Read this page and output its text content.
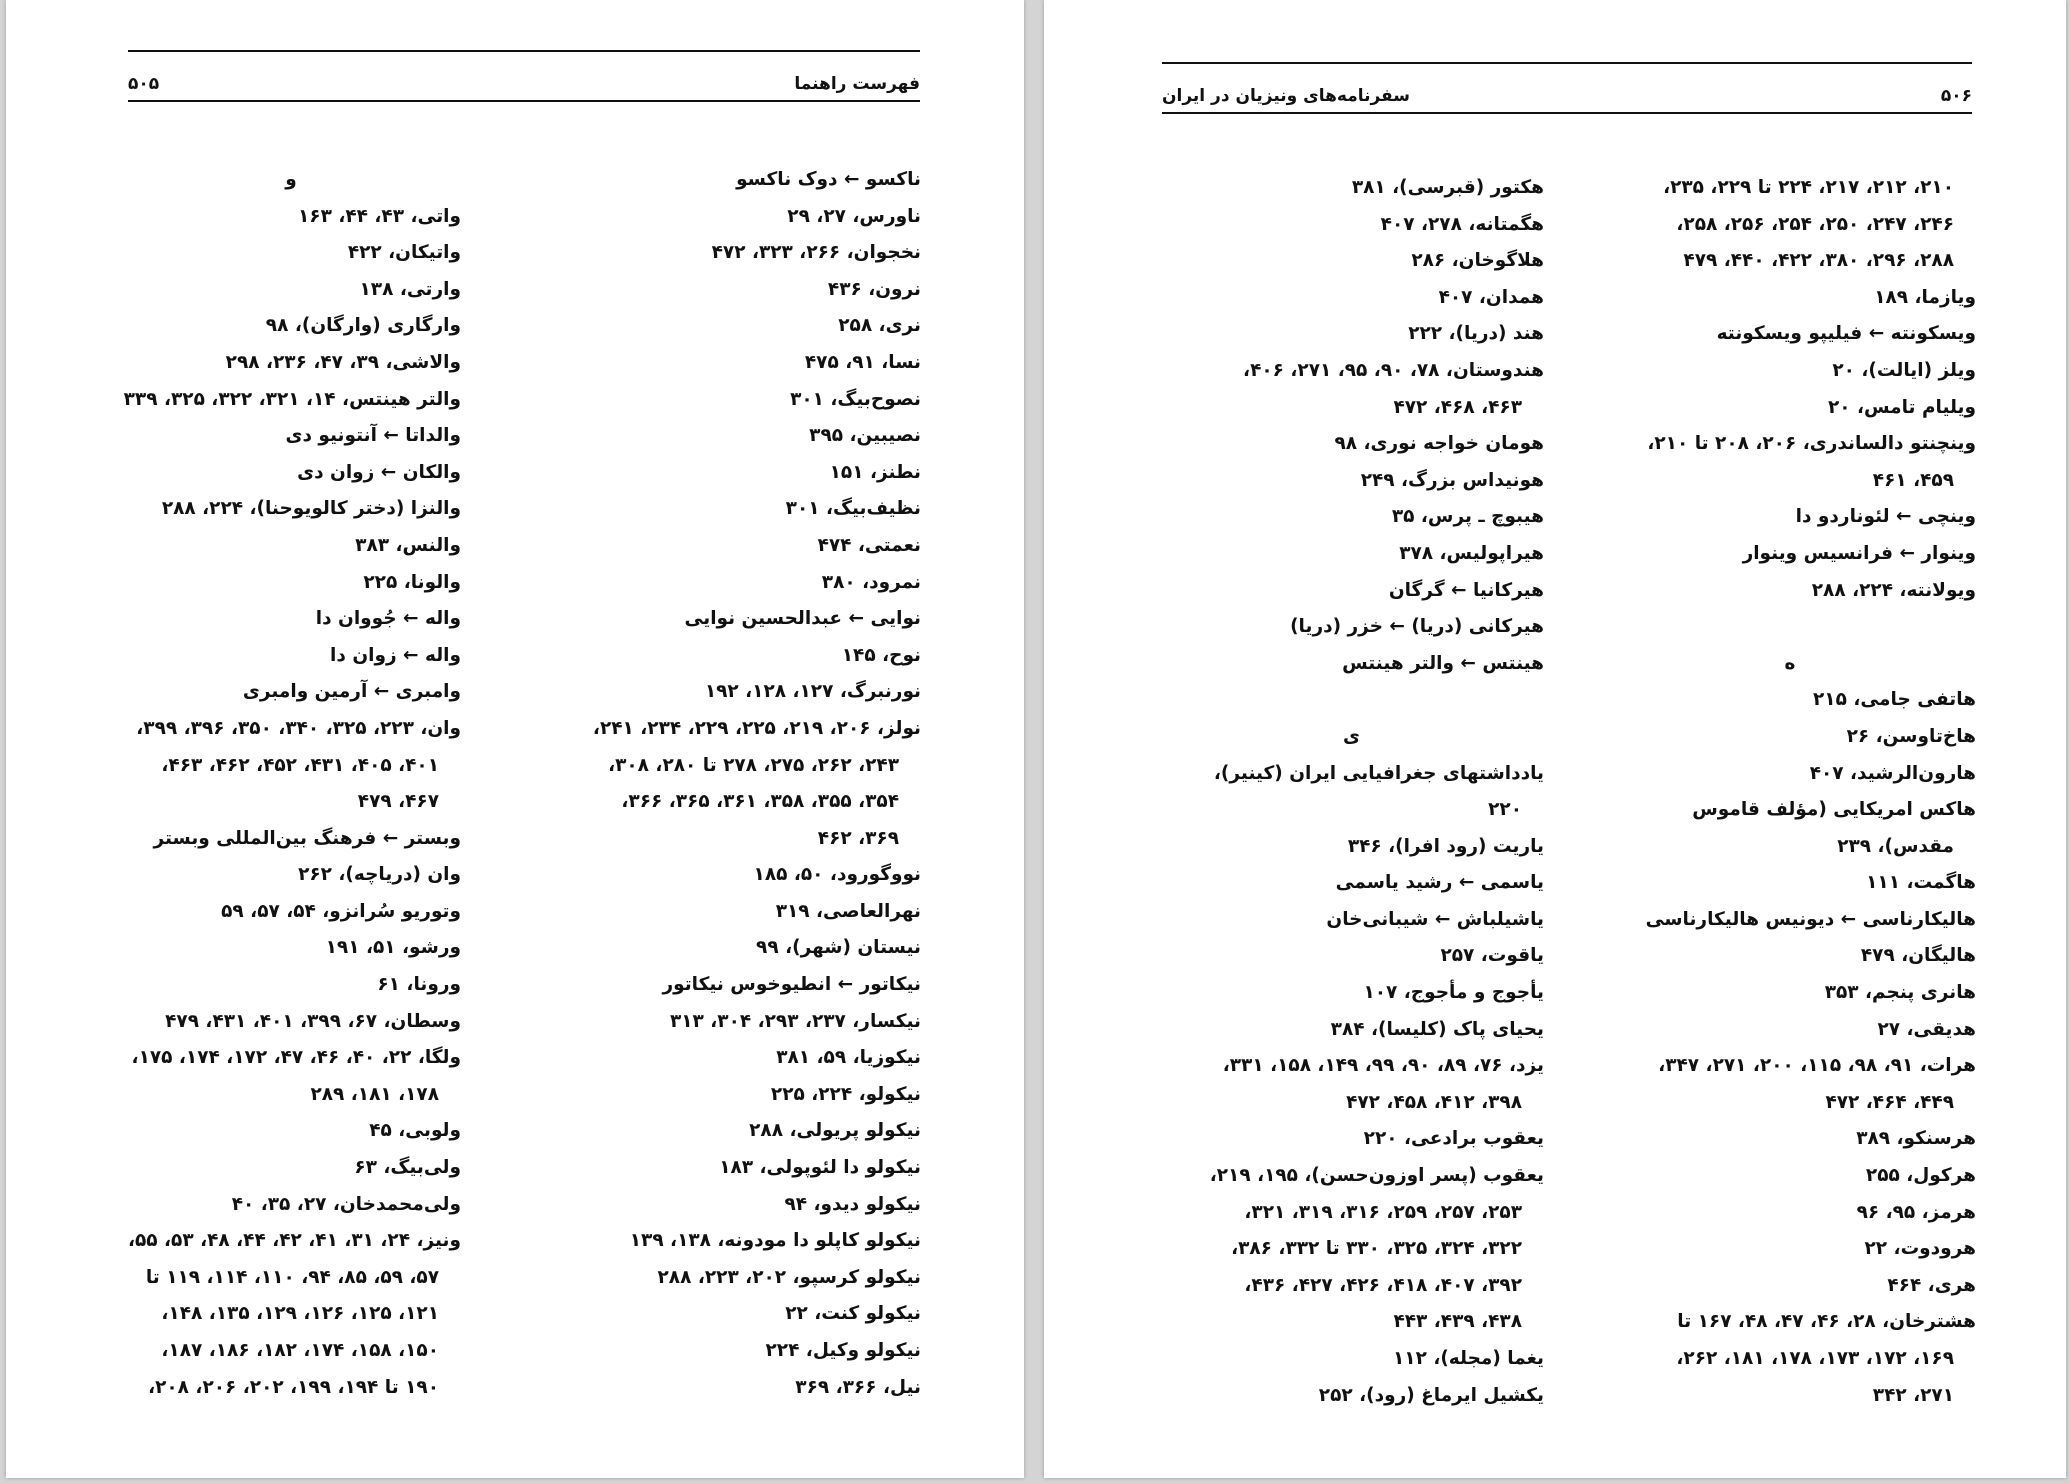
۵۰۵	فهرست راهنما
ناکسو ← دوک ناکسو
ناورس، ۲۷، ۲۹
نخجوان، ۲۶۶، ۳۲۳، ۴۷۲
نرون، ۴۳۶
نری، ۲۵۸
نسا، ۹۱، ۴۷۵
نصوح‌بیگ، ۳۰۱
نصیبین، ۳۹۵
نطنز، ۱۵۱
نظیف‌بیگ، ۳۰۱
نعمتی، ۴۷۴
نمرود، ۳۸۰
نوایی ← عبدالحسین نوایی
نوح، ۱۴۵
نورنبرگ، ۱۲۷، ۱۲۸، ۱۹۲
نولز، ۲۰۶، ۲۱۹، ۲۲۵، ۲۲۹، ۲۳۴، ۲۴۱،
۲۴۳، ۲۶۲، ۲۷۵، ۲۷۸ تا ۲۸۰، ۳۰۸،
۳۵۴، ۳۵۵، ۳۵۸، ۳۶۱، ۳۶۵، ۳۶۶،
۳۶۹، ۴۶۲
نووگورود، ۵۰، ۱۸۵
نهرالعاصی، ۳۱۹
نیستان (شهر)، ۹۹
نیکاتور ← انطیوخوس نیکاتور
نیکسار، ۲۳۷، ۲۹۳، ۳۰۴، ۳۱۳
نیکوزیا، ۵۹، ۳۸۱
نیکولو، ۲۲۴، ۲۲۵
نیکولو پریولی، ۲۸۸
نیکولو دا لئوپولی، ۱۸۳
نیکولو دیدو، ۹۴
نیکولو کاپلو دا مودونه، ۱۳۸، ۱۳۹
نیکولو کرسپو، ۲۰۲، ۲۲۳، ۲۸۸
نیکولو کنت، ۲۲
نیکولو وکیل، ۲۲۴
نیل، ۳۶۶، ۳۶۹
و
واتی، ۴۳، ۴۴، ۱۶۳
واتیکان، ۴۲۲
وارتی، ۱۳۸
وارگاری (وارگان)، ۹۸
والاشی، ۳۹، ۴۷، ۲۳۶، ۲۹۸
والتر هینتس، ۱۴، ۳۲۱، ۳۲۲، ۳۲۵، ۳۳۹
والداتا ← آنتونیو دی
والکان ← زوان دی
والنزا (دختر کالویوحنا)، ۲۲۴، ۲۸۸
والنس، ۳۸۳
والونا، ۲۲۵
واله ← جُووان دا
واله ← زوان دا
وامبری ← آرمین وامبری
وان، ۲۲۳، ۳۲۵، ۳۴۰، ۳۵۰، ۳۹۶، ۳۹۹،
۴۰۱، ۴۰۵، ۴۳۱، ۴۵۲، ۴۶۲، ۴۶۳،
۴۶۷، ۴۷۹
وبستر ← فرهنگ بین‌المللی وبستر
وان (دریاچه)، ۲۶۲
وتوریو سُرانزو، ۵۴، ۵۷، ۵۹
ورشو، ۵۱، ۱۹۱
ورونا، ۶۱
وسطان، ۶۷، ۳۹۹، ۴۰۱، ۴۳۱، ۴۷۹
ولگا، ۲۲، ۴۰، ۴۶، ۴۷، ۱۷۲، ۱۷۴، ۱۷۵،
۱۷۸، ۱۸۱، ۲۸۹
ولوبی، ۴۵
ولی‌بیگ، ۶۳
ولی‌محمدخان، ۲۷، ۳۵، ۴۰
ونیز، ۲۴، ۳۱، ۴۱، ۴۲، ۴۴، ۴۸، ۵۳، ۵۵،
۵۷، ۵۹، ۸۵، ۹۴، ۱۱۰، ۱۱۴، ۱۱۹ تا
۱۲۱، ۱۲۵، ۱۲۶، ۱۲۹، ۱۳۵، ۱۴۸،
۱۵۰، ۱۵۸، ۱۷۴، ۱۸۲، ۱۸۶، ۱۸۷،
۱۹۰ تا ۱۹۴، ۱۹۹، ۲۰۲، ۲۰۶، ۲۰۸،
سفرنامه‌های ونیزیان در ایران	۵۰۶
۲۱۰، ۲۱۲، ۲۱۷، ۲۲۴ تا ۲۲۹، ۲۳۵،
۲۴۶، ۲۴۷، ۲۵۰، ۲۵۴، ۲۵۶، ۲۵۸،
۲۸۸، ۲۹۶، ۳۸۰، ۴۲۲، ۴۴۰، ۴۷۹
ویازما، ۱۸۹
ویسکونته ← فیلیپو ویسکونته
ویلز (ایالت)، ۲۰
ویلیام تامس، ۲۰
وینچنتو دالساندری، ۲۰۶، ۲۰۸ تا ۲۱۰،
۴۵۹، ۴۶۱
وینچی ← لئوناردو دا
وینوار ← فرانسیس وینوار
ویولانته، ۲۲۴، ۲۸۸
ه
هاتفی جامی، ۲۱۵
هاخ‌تاوسن، ۲۶
هارون‌الرشید، ۴۰۷
هاکس امریکایی (مؤلف قاموس
مقدس)، ۲۳۹
هاگمت، ۱۱۱
هالیکارناسی ← دیونیس هالیکارناسی
هالیگان، ۴۷۹
هانری پنجم، ۳۵۳
هدیقی، ۲۷
هرات، ۹۱، ۹۸، ۱۱۵، ۲۰۰، ۲۷۱، ۳۴۷،
۴۴۹، ۴۶۴، ۴۷۲
هرسنکو، ۳۸۹
هرکول، ۲۵۵
هرمز، ۹۵، ۹۶
هرودوت، ۲۲
هری، ۴۶۴
هشترخان، ۲۸، ۴۶، ۴۷، ۴۸، ۱۶۷ تا
۱۶۹، ۱۷۲، ۱۷۳، ۱۷۸، ۱۸۱، ۲۶۲،
۲۷۱، ۳۴۲
هکتور (قبرسی)، ۳۸۱
هگمتانه، ۲۷۸، ۴۰۷
هلاگوخان، ۲۸۶
همدان، ۴۰۷
هند (دریا)، ۲۲۲
هندوستان، ۷۸، ۹۰، ۹۵، ۲۷۱، ۴۰۶،
۴۶۳، ۴۶۸، ۴۷۲
هومان خواجه نوری، ۹۸
هونیداس بزرگ، ۲۴۹
هیبوچ ـ پرس، ۳۵
هیراپولیس، ۳۷۸
هیرکانیا ← گرگان
هیرکانی (دریا) ← خزر (دریا)
هینتس ← والتر هینتس
ی
یادداشتهای جغرافیایی ایران (کینیر)،
۲۲۰
یاریت (رود افرا)، ۳۴۶
یاسمی ← رشید یاسمی
یاشیلباش ← شیبانی‌خان
یاقوت، ۲۵۷
یأجوج و مأجوج، ۱۰۷
یحیای پاک (کلیسا)، ۳۸۴
یزد، ۷۶، ۸۹، ۹۰، ۹۹، ۱۴۹، ۱۵۸، ۳۳۱،
۳۹۸، ۴۱۲، ۴۵۸، ۴۷۲
یعقوب برادعی، ۲۲۰
یعقوب (پسر اوزون‌حسن)، ۱۹۵، ۲۱۹،
۲۵۳، ۲۵۷، ۲۵۹، ۳۱۶، ۳۱۹، ۳۲۱،
۳۲۲، ۳۲۴، ۳۲۵، ۳۳۰ تا ۳۳۲، ۳۸۶،
۳۹۲، ۴۰۷، ۴۱۸، ۴۲۶، ۴۲۷، ۴۳۶،
۴۳۸، ۴۳۹، ۴۴۳
یغما (مجله)، ۱۱۲
یکشیل ایرماغ (رود)، ۲۵۲
